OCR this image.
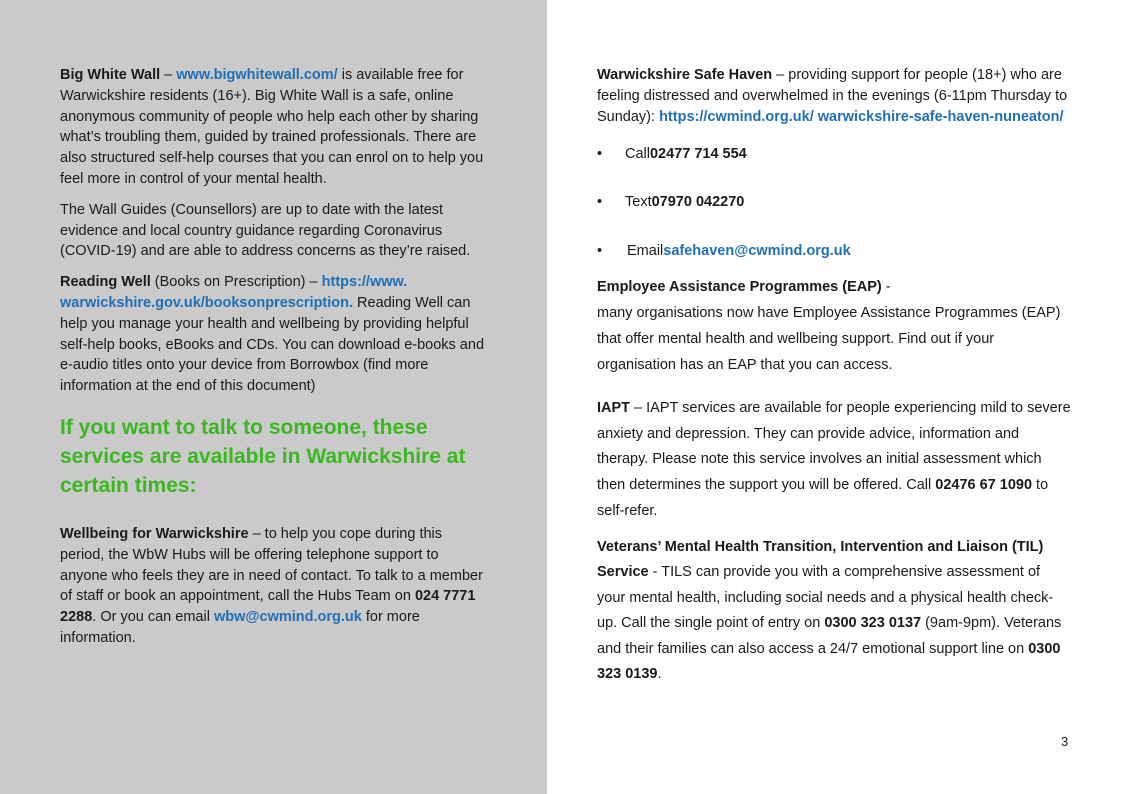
Big White Wall – www.bigwhitewall.com/ is available free for Warwickshire residents (16+). Big White Wall is a safe, online anonymous community of people who help each other by sharing what’s troubling them, guided by trained professionals. There are also structured self-help courses that you can enrol on to help you feel more in control of your mental health.

The Wall Guides (Counsellors) are up to date with the latest evidence and local country guidance regarding Coronavirus (COVID-19) and are able to address concerns as they’re raised.

Reading Well (Books on Prescription) – https://www. warwickshire.gov.uk/booksonprescription. Reading Well can help you manage your health and wellbeing by providing helpful self-help books, eBooks and CDs. You can download e-books and e-audio titles onto your device from Borrowbox (find more information at the end of this document)

If you want to talk to someone, these services are available in Warwickshire at certain times:

Wellbeing for Warwickshire – to help you cope during this period, the WbW Hubs will be offering telephone support to anyone who feels they are in need of contact. To talk to a member of staff or book an appointment, call the Hubs Team on 024 7771 2288. Or you can email wbw@cwmind.org.uk for more information.

Warwickshire Safe Haven – providing support for people (18+) who are feeling distressed and overwhelmed in the evenings (6-11pm Thursday to Sunday): https://cwmind.org.uk/ warwickshire-safe-haven-nuneaton/

•	Call 02477 714 554
•	Text 07970 042270
•	Email safehaven@cwmind.org.uk

Employee Assistance Programmes (EAP) -
many organisations now have Employee Assistance Programmes (EAP) that offer mental health and wellbeing support. Find out if your organisation has an EAP that you can access.

IAPT – IAPT services are available for people experiencing mild to severe anxiety and depression. They can provide advice, information and therapy. Please note this service involves an initial assessment which then determines the support you will be offered. Call 02476 67 1090 to self-refer.

Veterans’ Mental Health Transition, Intervention and Liaison (TIL) Service - TILS can provide you with a comprehensive assessment of your mental health, including social needs and a physical health check-up. Call the single point of entry on 0300 323 0137 (9am-9pm). Veterans and their families can also access a 24/7 emotional support line on 0300 323 0139.

3
